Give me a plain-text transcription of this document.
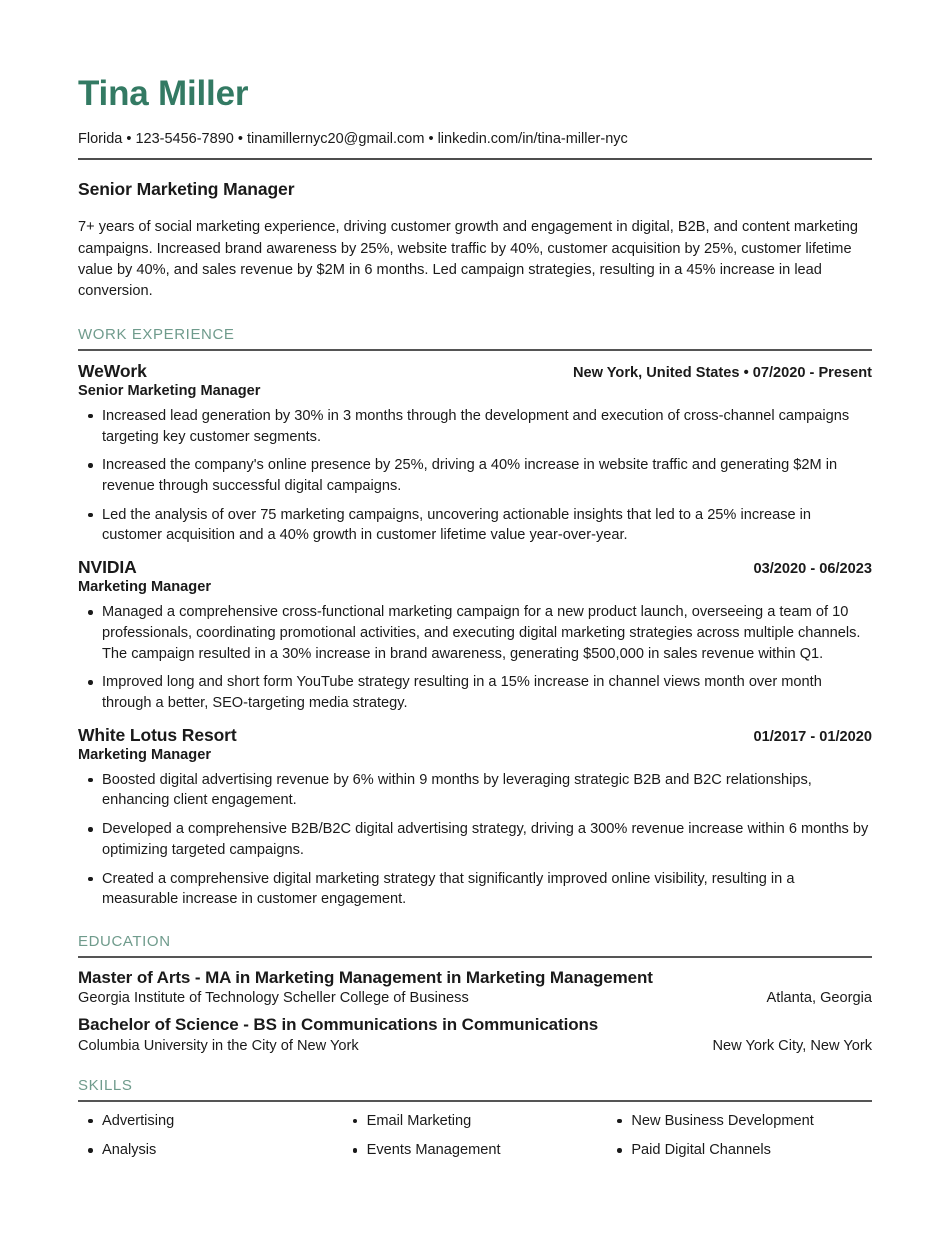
Tina Miller
Florida • 123-5456-7890 • tinamillernyc20@gmail.com • linkedin.com/in/tina-miller-nyc
Senior Marketing Manager

7+ years of social marketing experience, driving customer growth and engagement in digital, B2B, and content marketing campaigns. Increased brand awareness by 25%, website traffic by 40%, customer acquisition by 25%, customer lifetime value by 40%, and sales revenue by $2M in 6 months. Led campaign strategies, resulting in a 45% increase in lead conversion.

WORK EXPERIENCE
WeWork	New York, United States • 07/2020 - Present
Senior Marketing Manager
Increased lead generation by 30% in 3 months through the development and execution of cross-channel campaigns targeting key customer segments.
Increased the company's online presence by 25%, driving a 40% increase in website traffic and generating $2M in revenue through successful digital campaigns.
Led the analysis of over 75 marketing campaigns, uncovering actionable insights that led to a 25% increase in customer acquisition and a 40% growth in customer lifetime value year-over-year.
NVIDIA	03/2020 - 06/2023
Marketing Manager
Managed a comprehensive cross-functional marketing campaign for a new product launch, overseeing a team of 10 professionals, coordinating promotional activities, and executing digital marketing strategies across multiple channels. The campaign resulted in a 30% increase in brand awareness, generating $500,000 in sales revenue within Q1.
Improved long and short form YouTube strategy resulting in a 15% increase in channel views month over month through a better, SEO-targeting media strategy.
White Lotus Resort	01/2017 - 01/2020
Marketing Manager
Boosted digital advertising revenue by 6% within 9 months by leveraging strategic B2B and B2C relationships, enhancing client engagement.
Developed a comprehensive B2B/B2C digital advertising strategy, driving a 300% revenue increase within 6 months by optimizing targeted campaigns.
Created a comprehensive digital marketing strategy that significantly improved online visibility, resulting in a measurable increase in customer engagement.
EDUCATION
Master of Arts - MA in Marketing Management in Marketing Management
Georgia Institute of Technology Scheller College of Business	Atlanta, Georgia
Bachelor of Science - BS in Communications in Communications
Columbia University in the City of New York	New York City, New York
SKILLS
Advertising	Email Marketing	New Business Development
Analysis	Events Management	Paid Digital Channels
